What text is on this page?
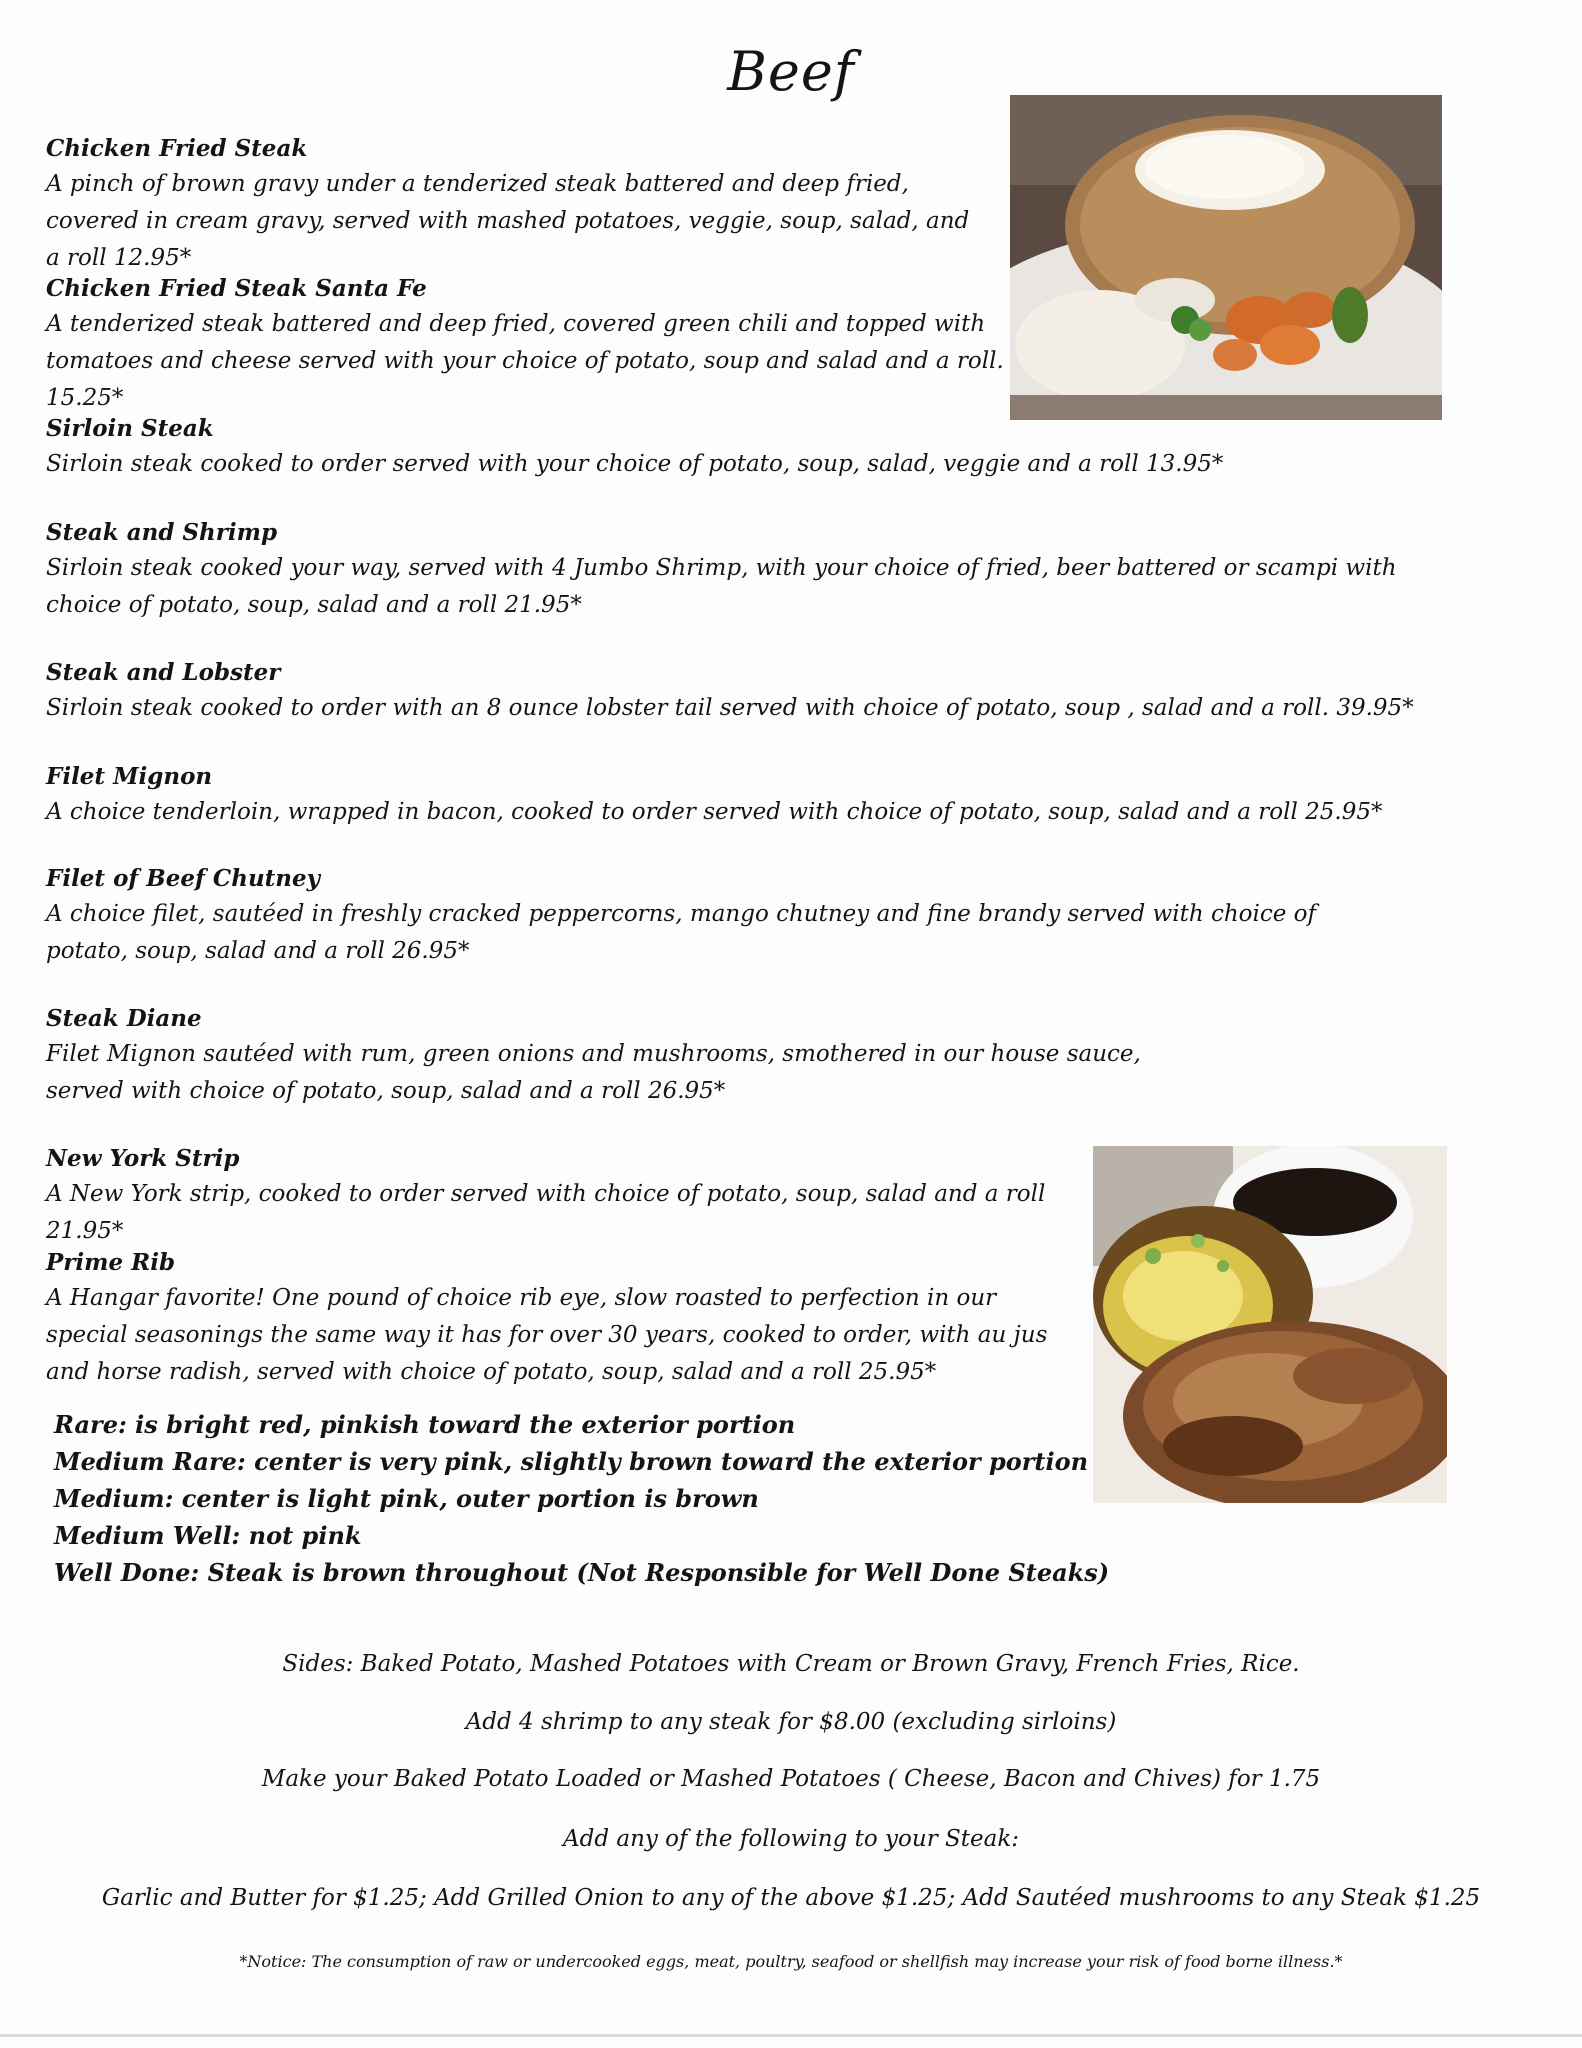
Beef
Chicken Fried Steak
A pinch of brown gravy under a tenderized steak battered and deep fried, covered in cream gravy, served with mashed potatoes, veggie, soup, salad, and a roll 12.95*
Chicken Fried Steak Santa Fe
A tenderized steak battered and deep fried, covered green chili and topped with tomatoes and cheese served with your choice of potato, soup and salad and a roll. 15.25*
Sirloin Steak
Sirloin steak cooked to order served with your choice of potato, soup, salad, veggie and a roll 13.95*
Steak and Shrimp
Sirloin steak cooked your way, served with 4 Jumbo Shrimp, with your choice of fried, beer battered or scampi with choice of potato, soup, salad and a roll 21.95*
Steak and Lobster
Sirloin steak cooked to order with an 8 ounce lobster tail served with choice of potato, soup , salad and a roll. 39.95*
Filet Mignon
A choice tenderloin, wrapped in bacon, cooked to order served with choice of potato, soup, salad and a roll 25.95*
Filet of Beef Chutney
A choice filet, sautéed in freshly cracked peppercorns, mango chutney and fine brandy served with choice of potato, soup, salad and a roll 26.95*
Steak Diane
Filet Mignon sautéed with rum, green onions and mushrooms, smothered in our house sauce, served with choice of potato, soup, salad and a roll 26.95*
New York Strip
A New York strip, cooked to order served with choice of potato, soup, salad and a roll 21.95*
Prime Rib
A Hangar favorite! One pound of choice rib eye, slow roasted to perfection in our special seasonings the same way it has for over 30 years, cooked to order, with au jus and horse radish, served with choice of potato, soup, salad and a roll 25.95*
Rare: is bright red, pinkish toward the exterior portion
Medium Rare: center is very pink, slightly brown toward the exterior portion
Medium: center is light pink, outer portion is brown
Medium Well: not pink
Well Done: Steak is brown throughout (Not Responsible for Well Done Steaks)
Sides: Baked Potato, Mashed Potatoes with Cream or Brown Gravy, French Fries, Rice.
Add 4 shrimp to any steak for $8.00 (excluding sirloins)
Make your Baked Potato Loaded or Mashed Potatoes ( Cheese, Bacon and Chives) for 1.75
Add any of the following to your Steak:
Garlic and Butter for $1.25; Add Grilled Onion to any of the above $1.25; Add Sautéed mushrooms to any Steak $1.25
*Notice: The consumption of raw or undercooked eggs, meat, poultry, seafood or shellfish may increase your risk of food borne illness.*
